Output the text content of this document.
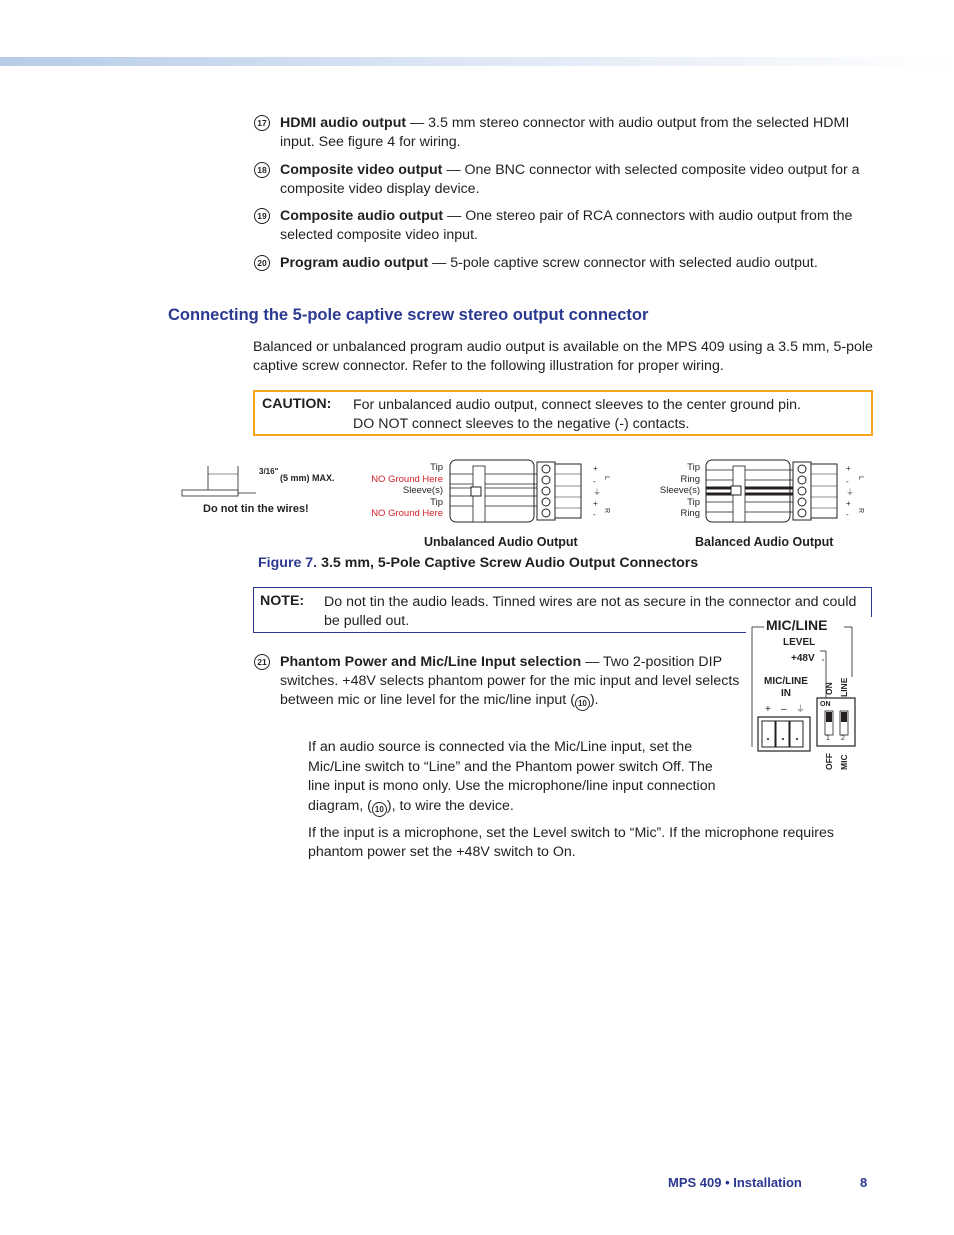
17 HDMI audio output — 3.5 mm stereo connector with audio output from the selected HDMI input. See figure 4 for wiring.
18 Composite video output — One BNC connector with selected composite video output for a composite video display device.
19 Composite audio output — One stereo pair of RCA connectors with audio output from the selected composite video input.
20 Program audio output — 5-pole captive screw connector with selected audio output.
Connecting the 5-pole captive screw stereo output connector
Balanced or unbalanced program audio output is available on the MPS 409 using a 3.5 mm, 5-pole captive screw connector. Refer to the following illustration for proper wiring.
CAUTION: For unbalanced audio output, connect sleeves to the center ground pin.
DO NOT connect sleeves to the negative (-) contacts.
3/16"
(5 mm) MAX.
Do not tin the wires!
Tip
NO Ground Here
Sleeve(s)
Tip
NO Ground Here
+
-
⏚
+
-
L
R
Tip
Ring
Sleeve(s)
Tip
Ring
+
-
⏚
+
-
L
R
Unbalanced Audio Output	Balanced Audio Output
Figure 7. 3.5 mm, 5-Pole Captive Screw Audio Output Connectors
NOTE: Do not tin the audio leads. Tinned wires are not as secure in the connector and could be pulled out.
+ – ⏚
MIC/LINE
LEVEL
+48V
MIC/LINE
IN	ON LINE
ON
1 2
OFF MIC
21 Phantom Power and Mic/Line Input selection — Two 2-position DIP switches. +48V selects phantom power for the mic input and level selects between mic or line level for the mic/line input ( 10 ).
If an audio source is connected via the Mic/Line input, set the Mic/Line switch to “Line” and the Phantom power switch Off. The line input is mono only. Use the microphone/line input connection diagram, ( 10 ), to wire the device.
If the input is a microphone, set the Level switch to “Mic”. If the microphone requires phantom power set the +48V switch to On.
MPS 409 • Installation	8
